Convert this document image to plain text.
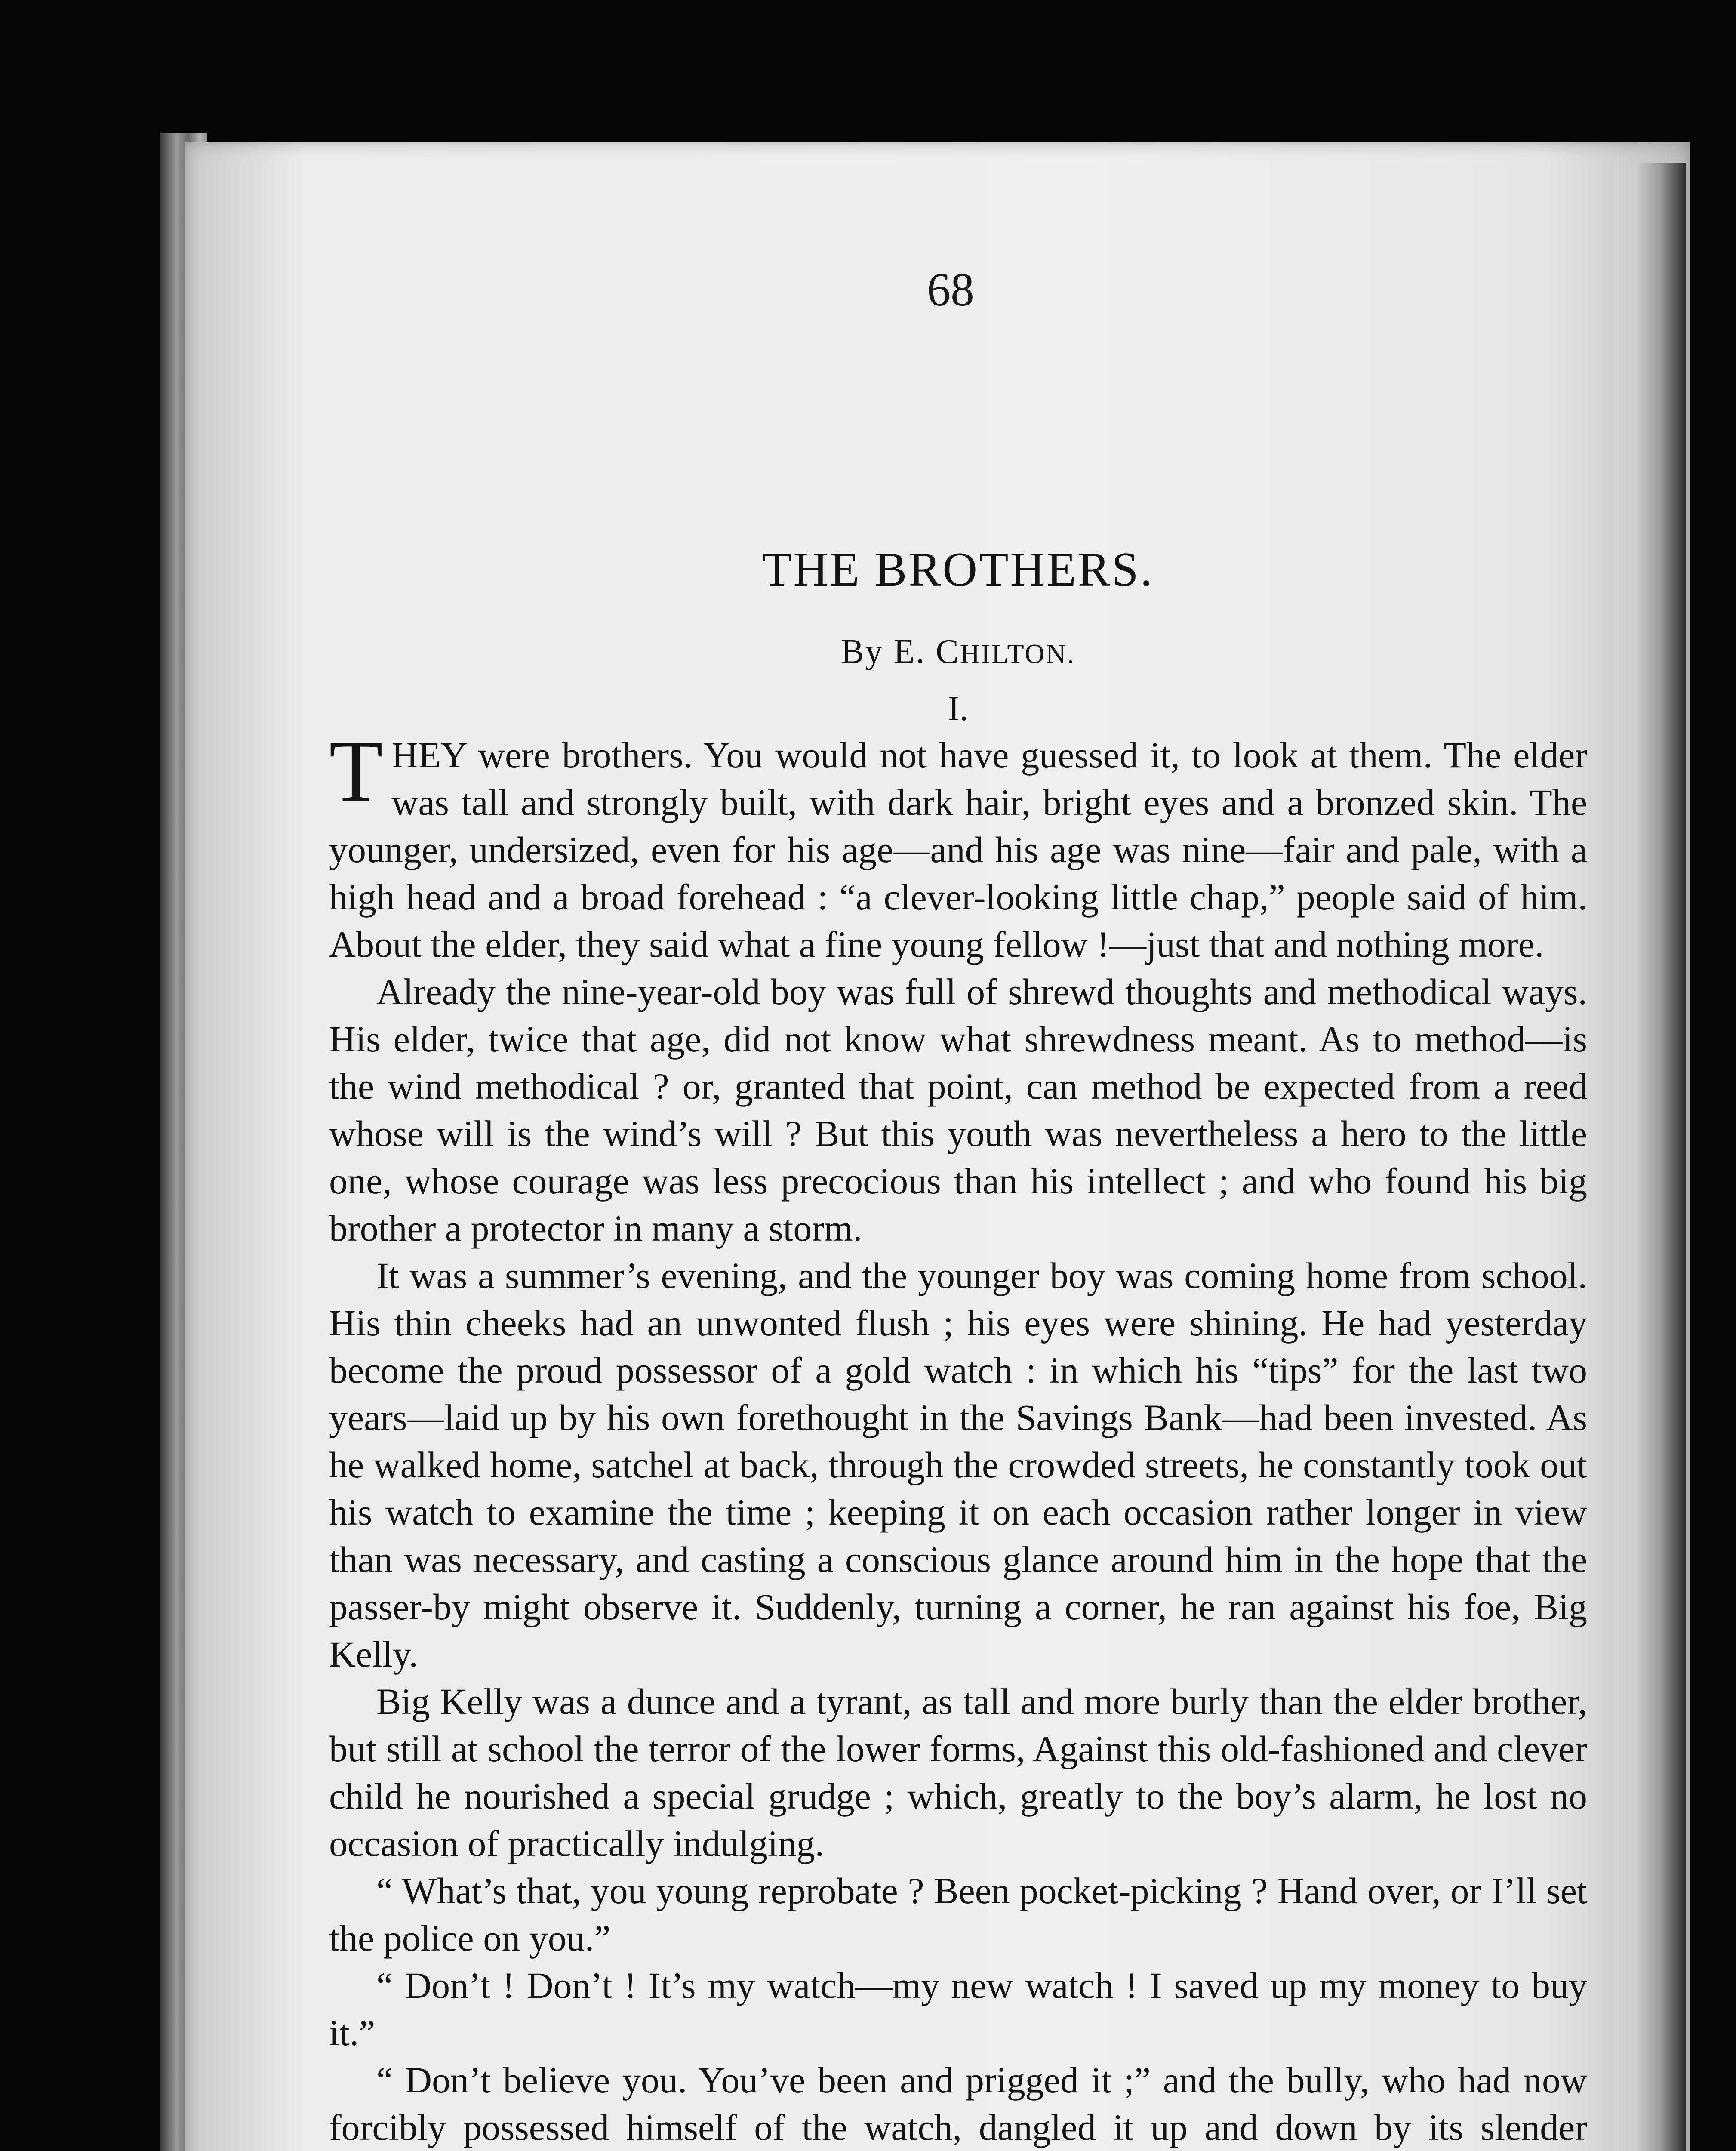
68
THE BROTHERS.
By E. CHILTON.
I.

THEY were brothers. You would not have guessed it, to look at them. The elder was tall and strongly built, with dark hair, bright eyes and a bronzed skin. The younger, undersized, even for his age—and his age was nine—fair and pale, with a high head and a broad forehead : “a clever-looking little chap,” people said of him. About the elder, they said what a fine young fellow !—just that and nothing more.

Already the nine-year-old boy was full of shrewd thoughts and methodical ways. His elder, twice that age, did not know what shrewdness meant. As to method—is the wind methodical ? or, granted that point, can method be expected from a reed whose will is the wind’s will ? But this youth was nevertheless a hero to the little one, whose courage was less precocious than his intellect ; and who found his big brother a protector in many a storm.

It was a summer’s evening, and the younger boy was coming home from school. His thin cheeks had an unwonted flush ; his eyes were shining. He had yesterday become the proud possessor of a gold watch : in which his “tips” for the last two years—laid up by his own forethought in the Savings Bank—had been invested. As he walked home, satchel at back, through the crowded streets, he constantly took out his watch to examine the time ; keeping it on each occasion rather longer in view than was necessary, and casting a conscious glance around him in the hope that the passer-by might observe it. Suddenly, turning a corner, he ran against his foe, Big Kelly.

Big Kelly was a dunce and a tyrant, as tall and more burly than the elder brother, but still at school the terror of the lower forms, Against this old-fashioned and clever child he nourished a special grudge ; which, greatly to the boy’s alarm, he lost no occasion of practically indulging.

“ What’s that, you young reprobate ? Been pocket-picking ? Hand over, or I’ll set the police on you.”

“ Don’t ! Don’t ! It’s my watch—my new watch ! I saved up my money to buy it.”

“ Don’t believe you. You’ve been and prigged it ;” and the bully, who had now forcibly possessed himself of the watch, dangled it up and down by its slender
